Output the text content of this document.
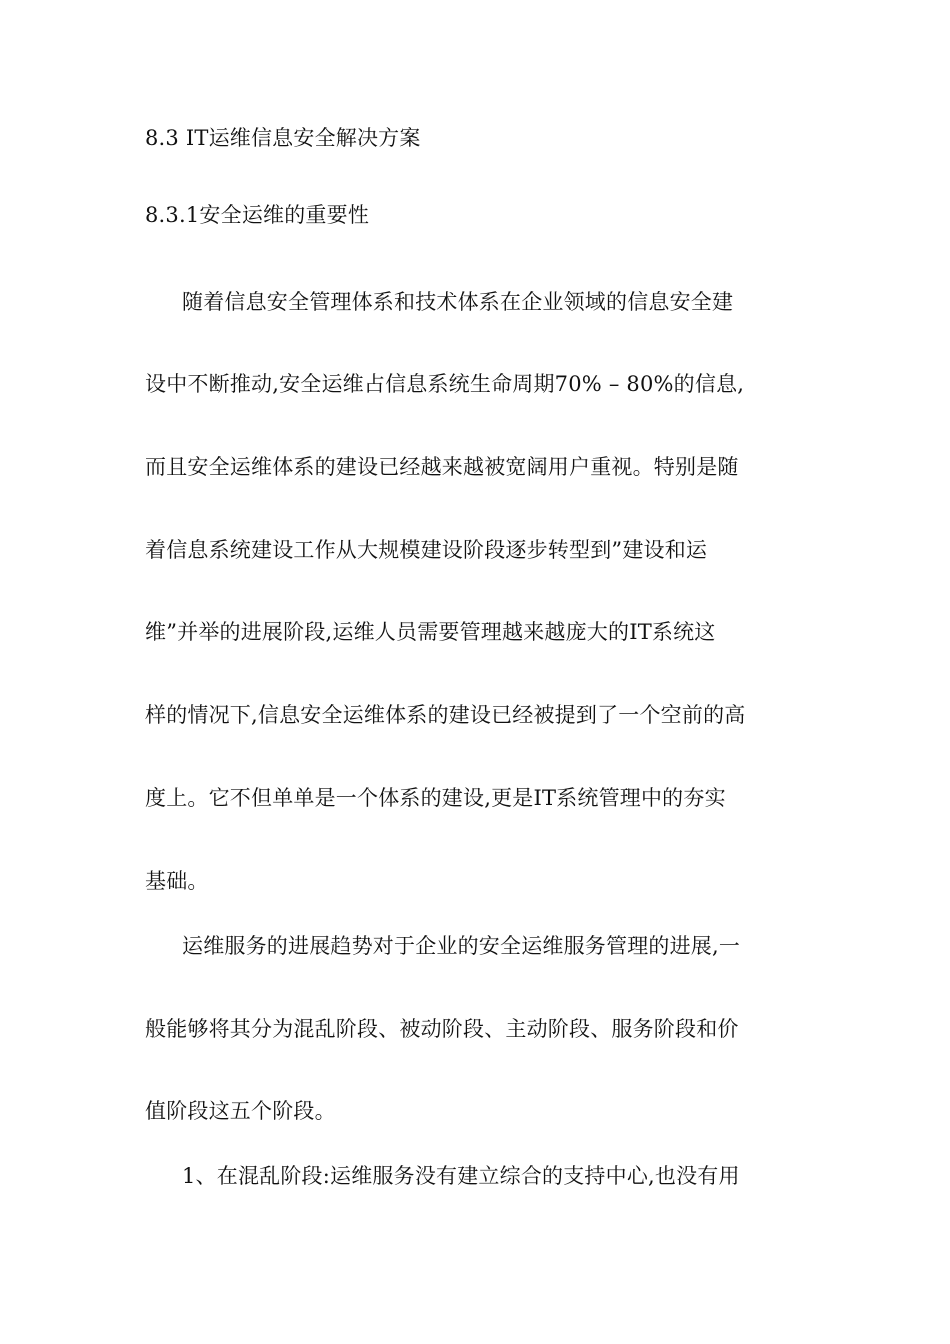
8.3 IT运维信息安全解决方案
8.3.1安全运维的重要性
随着信息安全管理体系和技术体系在企业领域的信息安全建
设中不断推动,安全运维占信息系统生命周期70% – 80%的信息,
而且安全运维体系的建设已经越来越被宽阔用户重视。特别是随
着信息系统建设工作从大规模建设阶段逐步转型到”建设和运
维”并举的进展阶段,运维人员需要管理越来越庞大的IT系统这
样的情况下,信息安全运维体系的建设已经被提到了一个空前的高
度上。它不但单单是一个体系的建设,更是IT系统管理中的夯实
基础。
运维服务的进展趋势对于企业的安全运维服务管理的进展,一
般能够将其分为混乱阶段、被动阶段、主动阶段、服务阶段和价
值阶段这五个阶段。
1、在混乱阶段:运维服务没有建立综合的支持中心,也没有用
